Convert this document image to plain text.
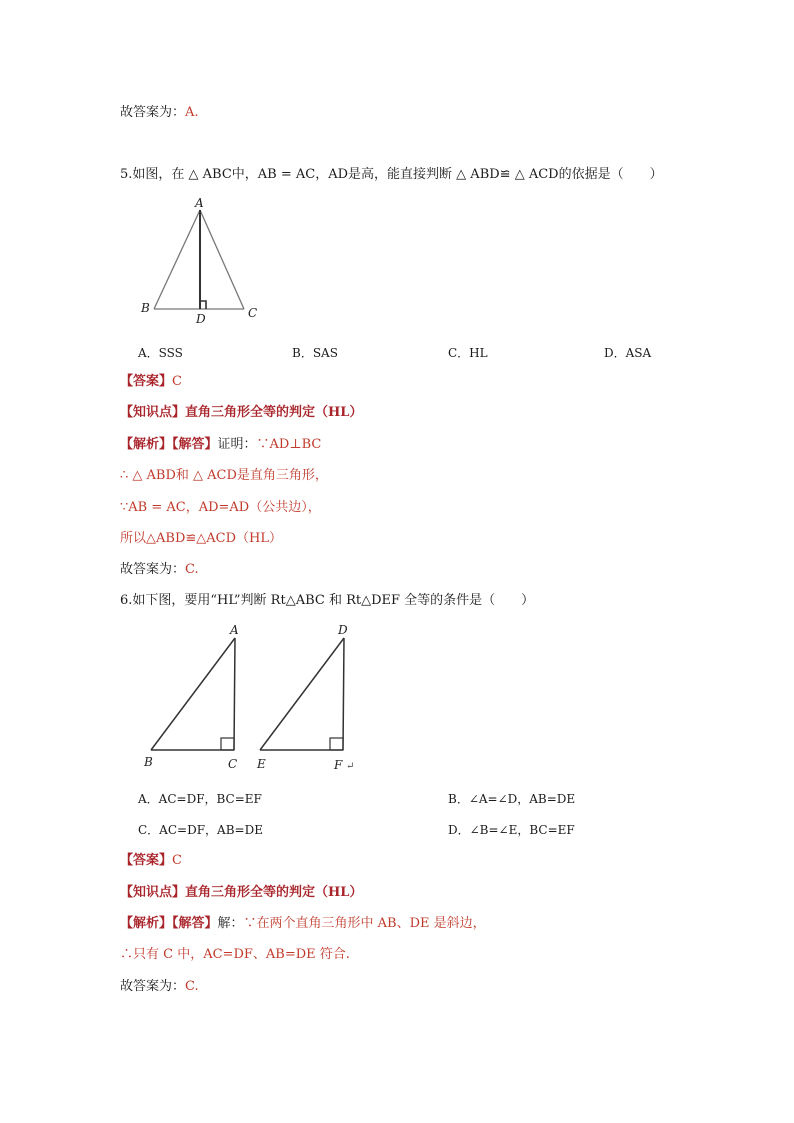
故答案为：A.
5.如图，在 △ ABC中，AB = AC，AD是高，能直接判断 △ ABD≌ △ ACD的依据是（　　）
A
B	C
D
A．SSS	B．SAS	C．HL	D．ASA
【答案】C
【知识点】直角三角形全等的判定（HL）
【解析】【解答】证明：∵AD⊥BC
∴ △ ABD和 △ ACD是直角三角形，
∵AB = AC，AD=AD（公共边），
所以△ABD≌△ACD（HL）
故答案为：C.
6.如下图，要用“HL”判断 Rt△ABC 和 Rt△DEF 全等的条件是（　　）
A
B	C
D
E	F ↵
A．AC=DF，BC=EF	B．∠A=∠D，AB=DE
C．AC=DF，AB=DE	D．∠B=∠E，BC=EF
【答案】C
【知识点】直角三角形全等的判定（HL）
【解析】【解答】解：∵在两个直角三角形中 AB、DE 是斜边，
∴只有 C 中，AC=DF、AB=DE 符合.
故答案为：C.
